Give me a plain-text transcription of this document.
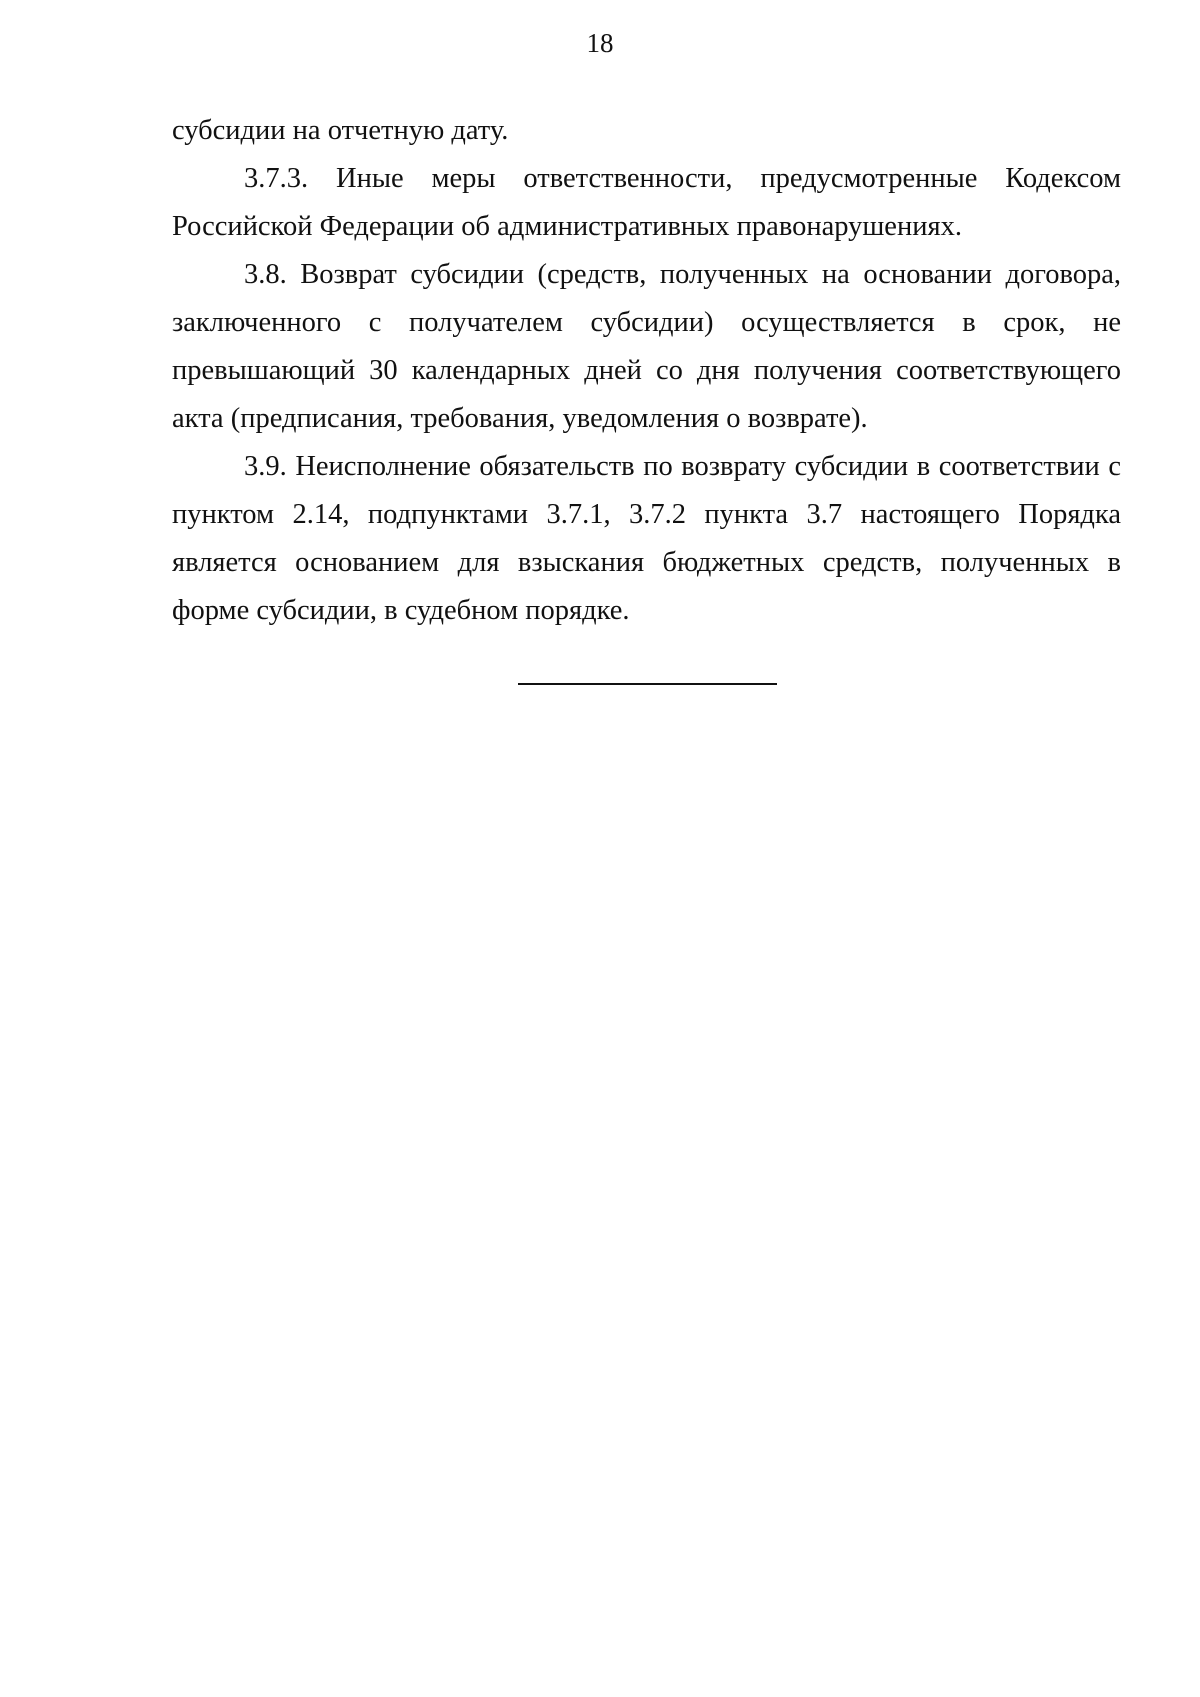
18

субсидии на отчетную дату.

3.7.3. Иные меры ответственности, предусмотренные Кодексом Российской Федерации об административных правонарушениях.

3.8. Возврат субсидии (средств, полученных на основании договора, заключенного с получателем субсидии) осуществляется в срок, не превышающий 30 календарных дней со дня получения соответствующего акта (предписания, требования, уведомления о возврате).

3.9. Неисполнение обязательств по возврату субсидии в соответствии с пунктом 2.14, подпунктами 3.7.1, 3.7.2 пункта 3.7 настоящего Порядка является основанием для взыскания бюджетных средств, полученных в форме субсидии, в судебном порядке.
